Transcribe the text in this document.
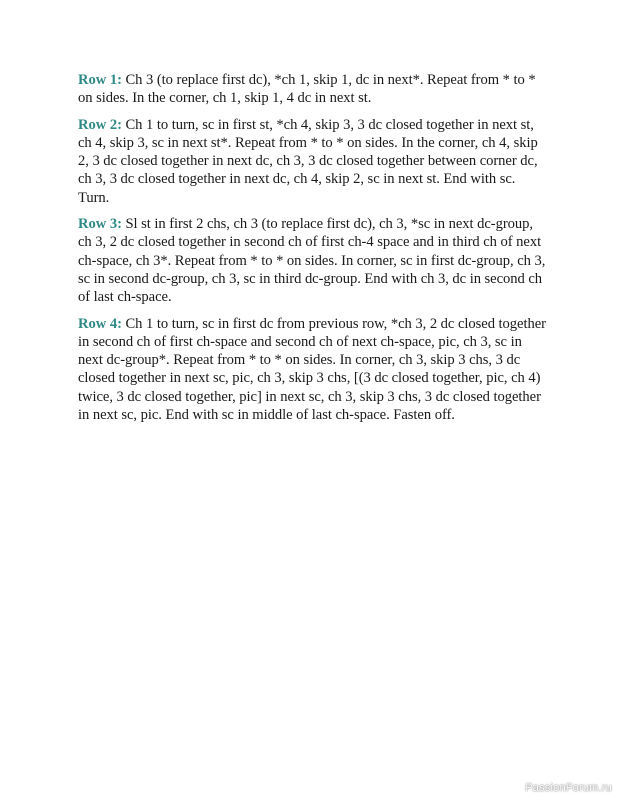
Row 1: Ch 3 (to replace first dc), *ch 1, skip 1, dc in next*. Repeat from * to * on sides. In the corner, ch 1, skip 1, 4 dc in next st.

Row 2: Ch 1 to turn, sc in first st, *ch 4, skip 3, 3 dc closed together in next st, ch 4, skip 3, sc in next st*. Repeat from * to * on sides. In the corner, ch 4, skip 2, 3 dc closed together in next dc, ch 3, 3 dc closed together between corner dc, ch 3, 3 dc closed together in next dc, ch 4, skip 2, sc in next st. End with sc. Turn.

Row 3: Sl st in first 2 chs, ch 3 (to replace first dc), ch 3, *sc in next dc-group, ch 3, 2 dc closed together in second ch of first ch-4 space and in third ch of next ch-space, ch 3*. Repeat from * to * on sides. In corner, sc in first dc-group, ch 3, sc in second dc-group, ch 3, sc in third dc-group. End with ch 3, dc in second ch of last ch-space.

Row 4: Ch 1 to turn, sc in first dc from previous row, *ch 3, 2 dc closed together in second ch of first ch-space and second ch of next ch-space, pic, ch 3, sc in next dc-group*. Repeat from * to * on sides. In corner, ch 3, skip 3 chs, 3 dc closed together in next sc, pic, ch 3, skip 3 chs, [(3 dc closed together, pic, ch 4) twice, 3 dc closed together, pic] in next sc, ch 3, skip 3 chs, 3 dc closed together in next sc, pic. End with sc in middle of last ch-space. Fasten off.

PassionForum.ru
